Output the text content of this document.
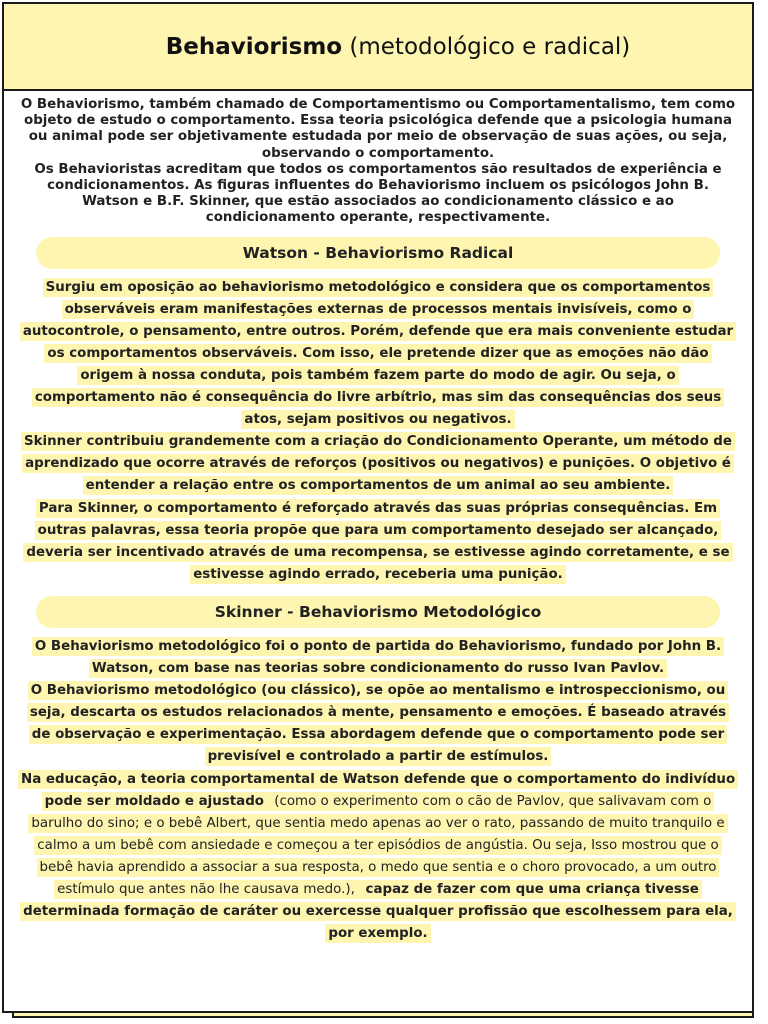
Behaviorismo (metodológico e radical)

O Behaviorismo, também chamado de Comportamentismo ou Comportamentalismo, tem como objeto de estudo o comportamento. Essa teoria psicológica defende que a psicologia humana ou animal pode ser objetivamente estudada por meio de observação de suas ações, ou seja, observando o comportamento.

Os Behavioristas acreditam que todos os comportamentos são resultados de experiência e condicionamentos. As figuras influentes do Behaviorismo incluem os psicólogos John B. Watson e B.F. Skinner, que estão associados ao condicionamento clássico e ao condicionamento operante, respectivamente.

Watson - Behaviorismo Radical

Surgiu em oposição ao behaviorismo metodológico e considera que os comportamentos observáveis eram manifestações externas de processos mentais invisíveis, como o autocontrole, o pensamento, entre outros. Porém, defende que era mais conveniente estudar os comportamentos observáveis. Com isso, ele pretende dizer que as emoções não dão origem à nossa conduta, pois também fazem parte do modo de agir. Ou seja, o comportamento não é consequência do livre arbítrio, mas sim das consequências dos seus atos, sejam positivos ou negativos.

Skinner contribuiu grandemente com a criação do Condicionamento Operante, um método de aprendizado que ocorre através de reforços (positivos ou negativos) e punições. O objetivo é entender a relação entre os comportamentos de um animal ao seu ambiente.

Para Skinner, o comportamento é reforçado através das suas próprias consequências. Em outras palavras, essa teoria propõe que para um comportamento desejado ser alcançado, deveria ser incentivado através de uma recompensa, se estivesse agindo corretamente, e se estivesse agindo errado, receberia uma punição.

Skinner - Behaviorismo Metodológico

O Behaviorismo metodológico foi o ponto de partida do Behaviorismo, fundado por John B. Watson, com base nas teorias sobre condicionamento do russo Ivan Pavlov.

O Behaviorismo metodológico (ou clássico), se opõe ao mentalismo e introspeccionismo, ou seja, descarta os estudos relacionados à mente, pensamento e emoções. É baseado através de observação e experimentação. Essa abordagem defende que o comportamento pode ser previsível e controlado a partir de estímulos.

Na educação, a teoria comportamental de Watson defende que o comportamento do indivíduo pode ser moldado e ajustado (como o experimento com o cão de Pavlov, que salivavam com o barulho do sino; e o bebê Albert, que sentia medo apenas ao ver o rato, passando de muito tranquilo e calmo a um bebê com ansiedade e começou a ter episódios de angústia. Ou seja, Isso mostrou que o bebê havia aprendido a associar a sua resposta, o medo que sentia e o choro provocado, a um outro estímulo que antes não lhe causava medo.), capaz de fazer com que uma criança tivesse determinada formação de caráter ou exercesse qualquer profissão que escolhessem para ela, por exemplo.
